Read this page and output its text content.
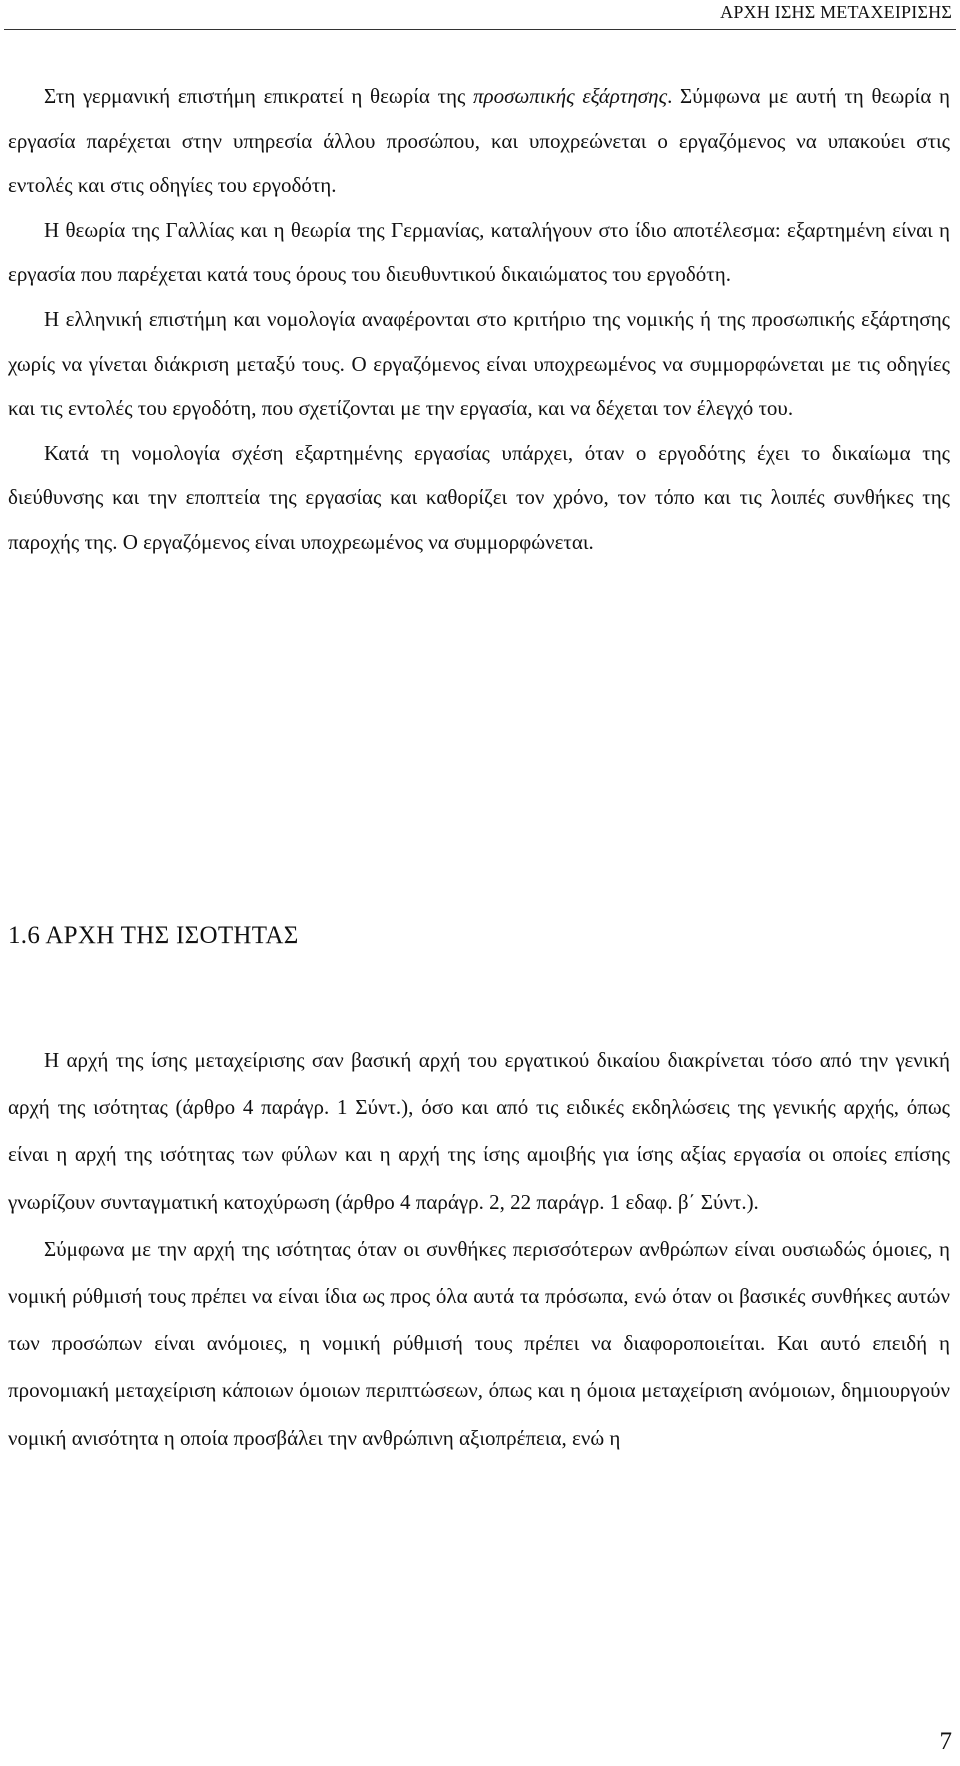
ΑΡΧΗ ΙΣΗΣ ΜΕΤΑΧΕΙΡΙΣΗΣ

Στη γερμανική επιστήμη επικρατεί η θεωρία της προσωπικής εξάρτησης. Σύμφωνα με αυτή τη θεωρία η εργασία παρέχεται στην υπηρεσία άλλου προσώπου, και υποχρεώνεται ο εργαζόμενος να υπακούει στις εντολές και στις οδηγίες του εργοδότη.

Η θεωρία της Γαλλίας και η θεωρία της Γερμανίας, καταλήγουν στο ίδιο αποτέλεσμα: εξαρτημένη είναι η εργασία που παρέχεται κατά τους όρους του διευθυντικού δικαιώματος του εργοδότη.

Η ελληνική επιστήμη και νομολογία αναφέρονται στο κριτήριο της νομικής ή της προσωπικής εξάρτησης χωρίς να γίνεται διάκριση μεταξύ τους. Ο εργαζόμενος είναι υποχρεωμένος να συμμορφώνεται με τις οδηγίες και τις εντολές του εργοδότη, που σχετίζονται με την εργασία, και να δέχεται τον έλεγχό του.

Κατά τη νομολογία σχέση εξαρτημένης εργασίας υπάρχει, όταν ο εργοδότης έχει το δικαίωμα της διεύθυνσης και την εποπτεία της εργασίας και καθορίζει τον χρόνο, τον τόπο και τις λοιπές συνθήκες της παροχής της. Ο εργαζόμενος είναι υποχρεωμένος να συμμορφώνεται.

1.6 ΑΡΧΗ ΤΗΣ ΙΣΟΤΗΤΑΣ

Η αρχή της ίσης μεταχείρισης σαν βασική αρχή του εργατικού δικαίου διακρίνεται τόσο από την γενική αρχή της ισότητας (άρθρο 4 παράγρ. 1 Σύντ.), όσο και από τις ειδικές εκδηλώσεις της γενικής αρχής, όπως είναι η αρχή της ισότητας των φύλων και η αρχή της ίσης αμοιβής για ίσης αξίας εργασία οι οποίες επίσης γνωρίζουν συνταγματική κατοχύρωση (άρθρο 4 παράγρ. 2, 22 παράγρ. 1 εδαφ. β΄ Σύντ.).

Σύμφωνα με την αρχή της ισότητας όταν οι συνθήκες περισσότερων ανθρώπων είναι ουσιωδώς όμοιες, η νομική ρύθμισή τους πρέπει να είναι ίδια ως προς όλα αυτά τα πρόσωπα, ενώ όταν οι βασικές συνθήκες αυτών των προσώπων είναι ανόμοιες, η νομική ρύθμισή τους πρέπει να διαφοροποιείται. Και αυτό επειδή η προνομιακή μεταχείριση κάποιων όμοιων περιπτώσεων, όπως και η όμοια μεταχείριση ανόμοιων, δημιουργούν νομική ανισότητα η οποία προσβάλει την ανθρώπινη αξιοπρέπεια, ενώ η

7
